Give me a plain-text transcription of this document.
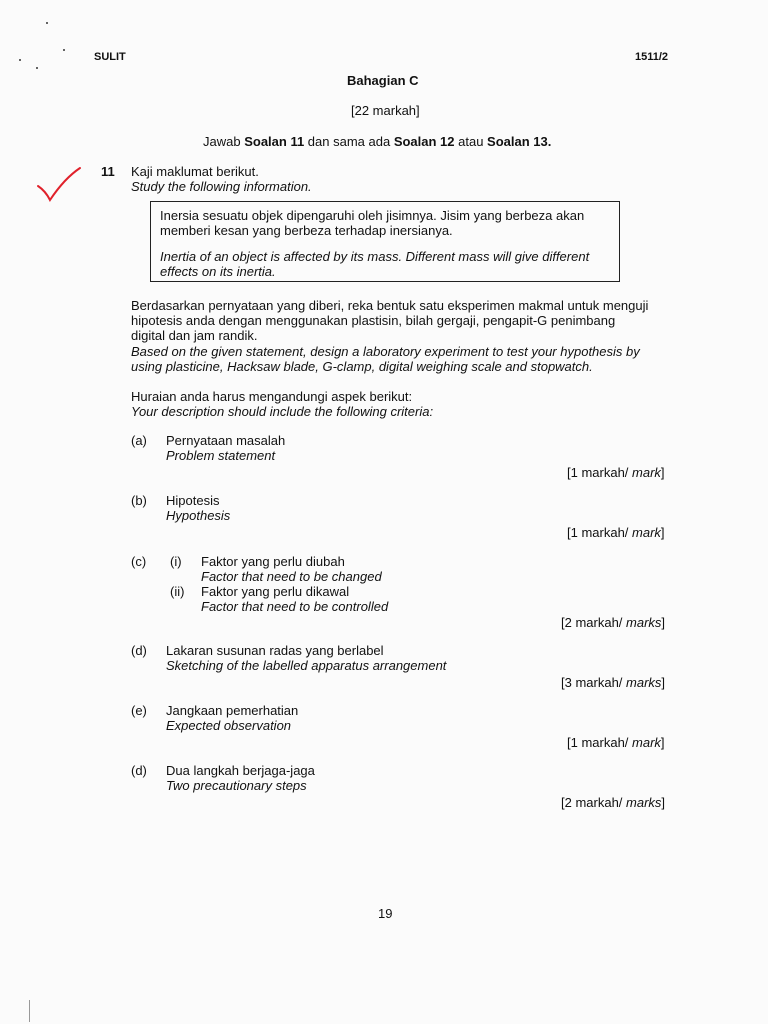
SULIT	1511/2
Bahagian C
[22 markah]
Jawab Soalan 11 dan sama ada Soalan 12 atau Soalan 13.
11 Kaji maklumat berikut.
Study the following information.
Inersia sesuatu objek dipengaruhi oleh jisimnya. Jisim yang berbeza akan
memberi kesan yang berbeza terhadap inersianya.
Inertia of an object is affected by its mass. Different mass will give different
effects on its inertia.
Berdasarkan pernyataan yang diberi, reka bentuk satu eksperimen makmal untuk menguji
hipotesis anda dengan menggunakan plastisin, bilah gergaji, pengapit-G penimbang
digital dan jam randik.
Based on the given statement, design a laboratory experiment to test your hypothesis by
using plasticine, Hacksaw blade, G-clamp, digital weighing scale and stopwatch.
Huraian anda harus mengandungi aspek berikut:
Your description should include the following criteria:
(a) Pernyataan masalah
Problem statement
[1 markah/ mark]
(b) Hipotesis
Hypothesis
[1 markah/ mark]
(c) (i) Faktor yang perlu diubah
Factor that need to be changed
(ii) Faktor yang perlu dikawal
Factor that need to be controlled
[2 markah/ marks]
(d) Lakaran susunan radas yang berlabel
Sketching of the labelled apparatus arrangement
[3 markah/ marks]
(e) Jangkaan pemerhatian
Expected observation
[1 markah/ mark]
(d) Dua langkah berjaga-jaga
Two precautionary steps
[2 markah/ marks]
19
